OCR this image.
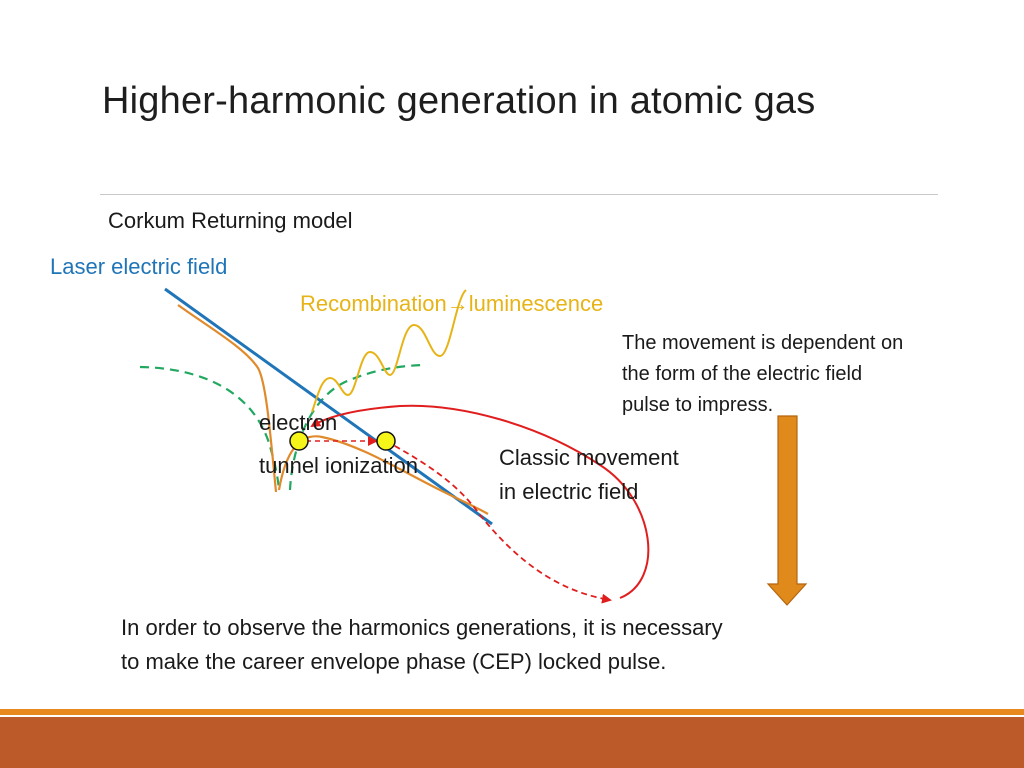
Higher-harmonic generation in atomic gas
Corkum Returning model
Laser electric field
Recombination→luminescence
The movement is dependent on
the form of the electric field
pulse to impress.
electron
tunnel ionization	Classic movement
in electric field
In order to observe the harmonics generations, it is necessary
to make the career envelope phase (CEP) locked pulse.
